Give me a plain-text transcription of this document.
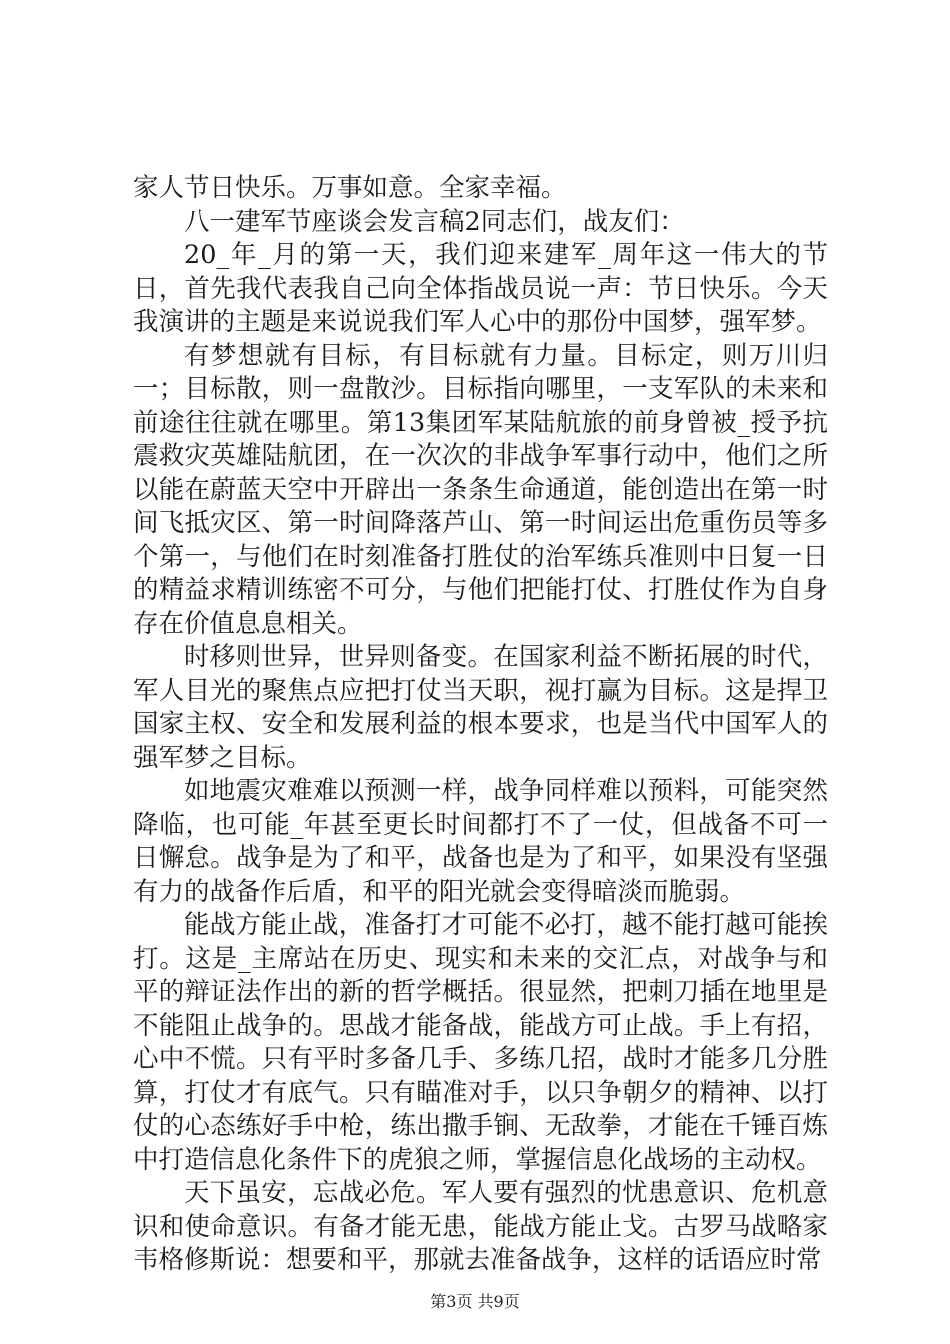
家人节日快乐。万事如意。全家幸福。

八一建军节座谈会发言稿2同志们，战友们：

20_年_月的第一天，我们迎来建军_周年这一伟大的节日，首先我代表我自己向全体指战员说一声：节日快乐。今天我演讲的主题是来说说我们军人心中的那份中国梦，强军梦。

有梦想就有目标，有目标就有力量。目标定，则万川归一；目标散，则一盘散沙。目标指向哪里，一支军队的未来和前途往往就在哪里。第13集团军某陆航旅的前身曾被_授予抗震救灾英雄陆航团，在一次次的非战争军事行动中，他们之所以能在蔚蓝天空中开辟出一条条生命通道，能创造出在第一时间飞抵灾区、第一时间降落芦山、第一时间运出危重伤员等多个第一，与他们在时刻准备打胜仗的治军练兵准则中日复一日的精益求精训练密不可分，与他们把能打仗、打胜仗作为自身存在价值息息相关。

时移则世异，世异则备变。在国家利益不断拓展的时代，军人目光的聚焦点应把打仗当天职，视打赢为目标。这是捍卫国家主权、安全和发展利益的根本要求，也是当代中国军人的强军梦之目标。

如地震灾难难以预测一样，战争同样难以预料，可能突然降临，也可能_年甚至更长时间都打不了一仗，但战备不可一日懈怠。战争是为了和平，战备也是为了和平，如果没有坚强有力的战备作后盾，和平的阳光就会变得暗淡而脆弱。

能战方能止战，准备打才可能不必打，越不能打越可能挨打。这是_主席站在历史、现实和未来的交汇点，对战争与和平的辩证法作出的新的哲学概括。很显然，把刺刀插在地里是不能阻止战争的。思战才能备战，能战方可止战。手上有招，心中不慌。只有平时多备几手、多练几招，战时才能多几分胜算，打仗才有底气。只有瞄准对手，以只争朝夕的精神、以打仗的心态练好手中枪，练出撒手锏、无敌拳，才能在千锤百炼中打造信息化条件下的虎狼之师，掌握信息化战场的主动权。

天下虽安，忘战必危。军人要有强烈的忧患意识、危机意识和使命意识。有备才能无患，能战方能止戈。古罗马战略家韦格修斯说：想要和平，那就去准备战争，这样的话语应时常

第3页 共9页
